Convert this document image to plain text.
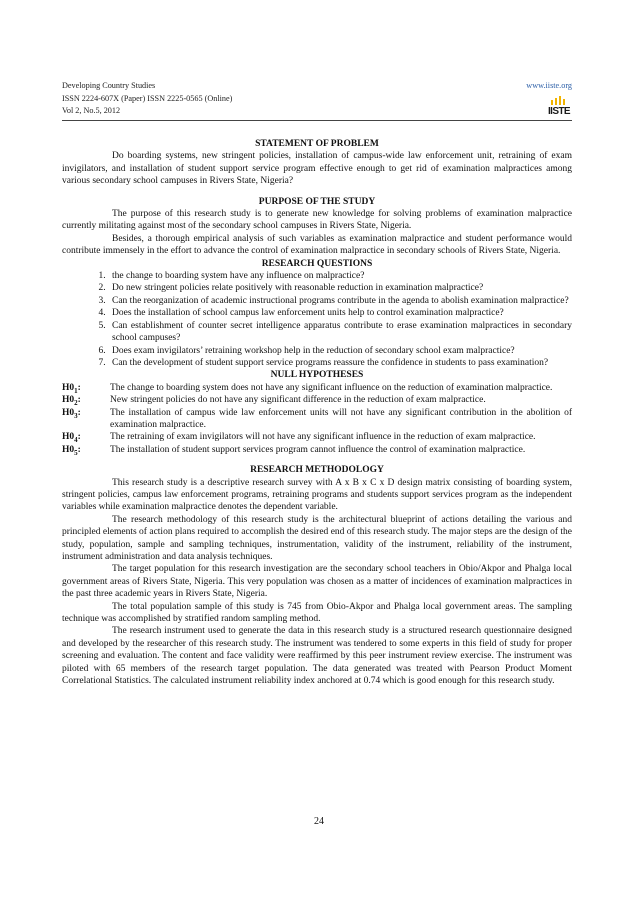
Developing Country Studies
ISSN 2224-607X (Paper) ISSN 2225-0565 (Online)
Vol 2, No.5, 2012
www.iiste.org
IISTE
STATEMENT OF PROBLEM
Do boarding systems, new stringent policies, installation of campus-wide law enforcement unit, retraining of exam invigilators, and installation of student support service program effective enough to get rid of examination malpractices among various secondary school campuses in Rivers State, Nigeria?
PURPOSE OF THE STUDY
The purpose of this research study is to generate new knowledge for solving problems of examination malpractice currently militating against most of the secondary school campuses in Rivers State, Nigeria.
Besides, a thorough empirical analysis of such variables as examination malpractice and student performance would contribute immensely in the effort to advance the control of examination malpractice in secondary schools of Rivers State, Nigeria.
RESEARCH QUESTIONS
1. the change to boarding system have any influence on malpractice?
2. Do new stringent policies relate positively with reasonable reduction in examination malpractice?
3. Can the reorganization of academic instructional programs contribute in the agenda to abolish examination malpractice?
4. Does the installation of school campus law enforcement units help to control examination malpractice?
5. Can establishment of counter secret intelligence apparatus contribute to erase examination malpractices in secondary school campuses?
6. Does exam invigilators’ retraining workshop help in the reduction of secondary school exam malpractice?
7. Can the development of student support service programs reassure the confidence in students to pass examination?
NULL HYPOTHESES
$H0_1$:	The change to boarding system does not have any significant influence on the reduction of examination malpractice.
$H0_2$:	New stringent policies do not have any significant difference in the reduction of exam malpractice.
$H0_3$:	The installation of campus wide law enforcement units will not have any significant contribution in the abolition of examination malpractice.
$H0_4$:	The retraining of exam invigilators will not have any significant influence in the reduction of exam malpractice.
$H0_5$:	The installation of student support services program cannot influence the control of examination malpractice.
RESEARCH METHODOLOGY
This research study is a descriptive research survey with A x B x C x D design matrix consisting of boarding system, stringent policies, campus law enforcement programs, retraining programs and students support services program as the independent variables while examination malpractice denotes the dependent variable.
The research methodology of this research study is the architectural blueprint of actions detailing the various and principled elements of action plans required to accomplish the desired end of this research study. The major steps are the design of the study, population, sample and sampling techniques, instrumentation, validity of the instrument, reliability of the instrument, instrument administration and data analysis techniques.
The target population for this research investigation are the secondary school teachers in Obio/Akpor and Phalga local government areas of Rivers State, Nigeria. This very population was chosen as a matter of incidences of examination malpractices in the past three academic years in Rivers State, Nigeria.
The total population sample of this study is 745 from Obio-Akpor and Phalga local government areas. The sampling technique was accomplished by stratified random sampling method.
The research instrument used to generate the data in this research study is a structured research questionnaire designed and developed by the researcher of this research study. The instrument was tendered to some experts in this field of study for proper screening and evaluation. The content and face validity were reaffirmed by this peer instrument review exercise. The instrument was piloted with 65 members of the research target population. The data generated was treated with Pearson Product Moment Correlational Statistics. The calculated instrument reliability index anchored at 0.74 which is good enough for this research study.
24
